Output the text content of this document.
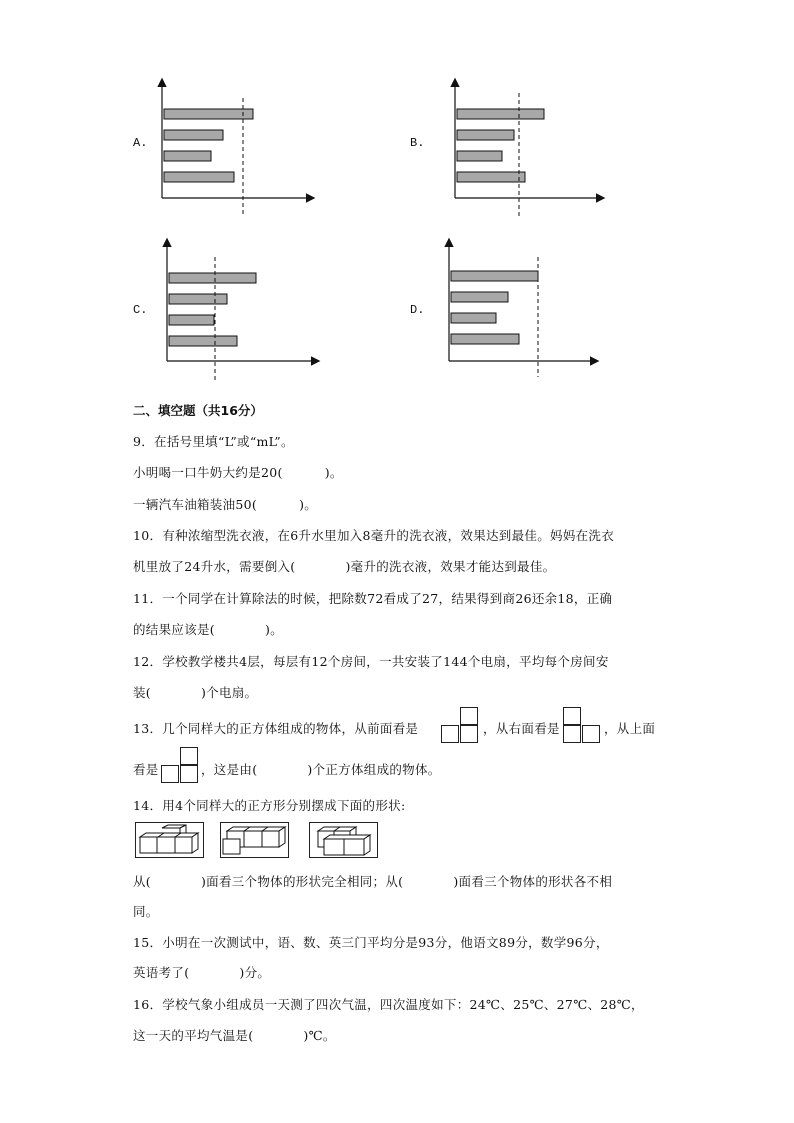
A.	B.
C.	D.
二、填空题（共16分）
9．在括号里填“L”或“mL”。
小明喝一口牛奶大约是20(	)。
一辆汽车油箱装油50(	)。
10．有种浓缩型洗衣液，在6升水里加入8毫升的洗衣液，效果达到最佳。妈妈在洗衣
机里放了24升水，需要倒入(	)毫升的洗衣液，效果才能达到最佳。
11．一个同学在计算除法的时候，把除数72看成了27，结果得到商26还余18，正确
的结果应该是(	)。
12．学校教学楼共4层，每层有12个房间，一共安装了144个电扇，平均每个房间安
装(	)个电扇。
13．几个同样大的正方体组成的物体，从前面看是	，从右面看是	，从上面
看是	，这是由(	)个正方体组成的物体。
14．用4个同样大的正方形分别摆成下面的形状:
从(	)面看三个物体的形状完全相同；从(	)面看三个物体的形状各不相
同。
15．小明在一次测试中，语、数、英三门平均分是93分，他语文89分，数学96分，
英语考了(	)分。
16．学校气象小组成员一天测了四次气温，四次温度如下：24℃、25℃、27℃、28℃，
这一天的平均气温是(	)℃。
